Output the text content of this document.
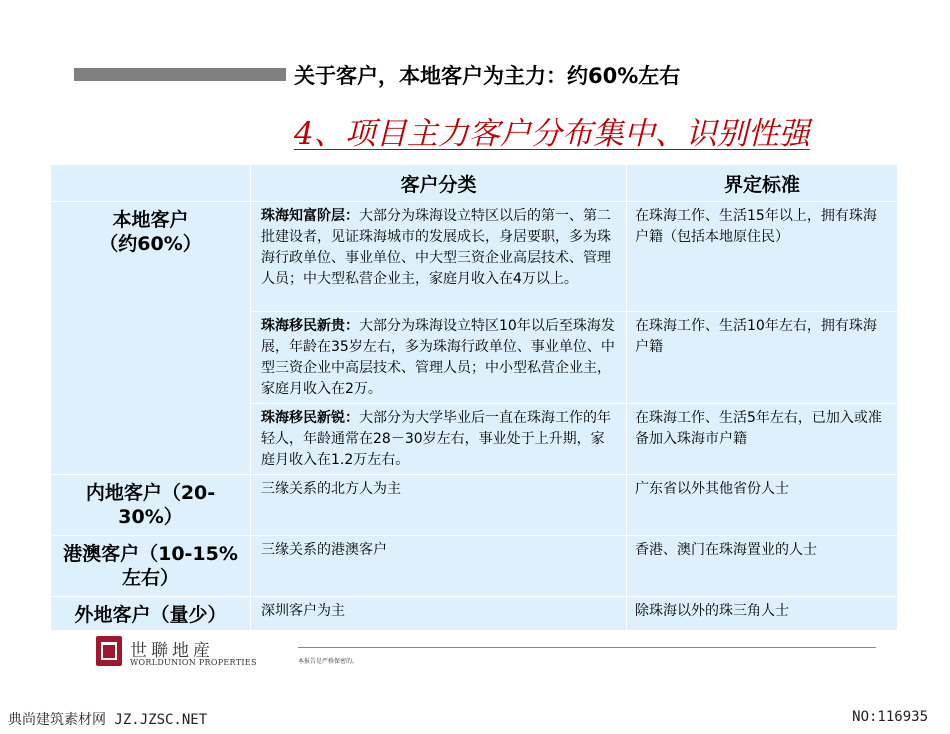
关于客户，本地客户为主力：约60%左右
4、项目主力客户分布集中、识别性强
	客户分类	界定标准

本地客户
（约60%）	珠海知富阶层：大部分为珠海设立特区以后的第一、第二批建设者，见证珠海城市的发展成长，身居要职，多为珠海行政单位、事业单位、中大型三资企业高层技术、管理人员；中大型私营企业主，家庭月收入在4万以上。	在珠海工作、生活15年以上，拥有珠海户籍（包括本地原住民）
	珠海移民新贵：大部分为珠海设立特区10年以后至珠海发展，年龄在35岁左右，多为珠海行政单位、事业单位、中型三资企业中高层技术、管理人员；中小型私营企业主，家庭月收入在2万。	在珠海工作、生活10年左右，拥有珠海户籍
	珠海移民新锐：大部分为大学毕业后一直在珠海工作的年轻人，年龄通常在28－30岁左右，事业处于上升期，家庭月收入在1.2万左右。	在珠海工作、生活5年左右，已加入或准备加入珠海市户籍

内地客户（20-
30%）	三缘关系的北方人为主	广东省以外其他省份人士

港澳客户（10-15%
左右）	三缘关系的港澳客户	香港、澳门在珠海置业的人士

外地客户（量少）	深圳客户为主	除珠海以外的珠三角人士
世聯地産
WORLDUNION PROPERTIES	本报告是严格保密的。
典尚建筑素材网 JZ.JZSC.NET	NO:116935
